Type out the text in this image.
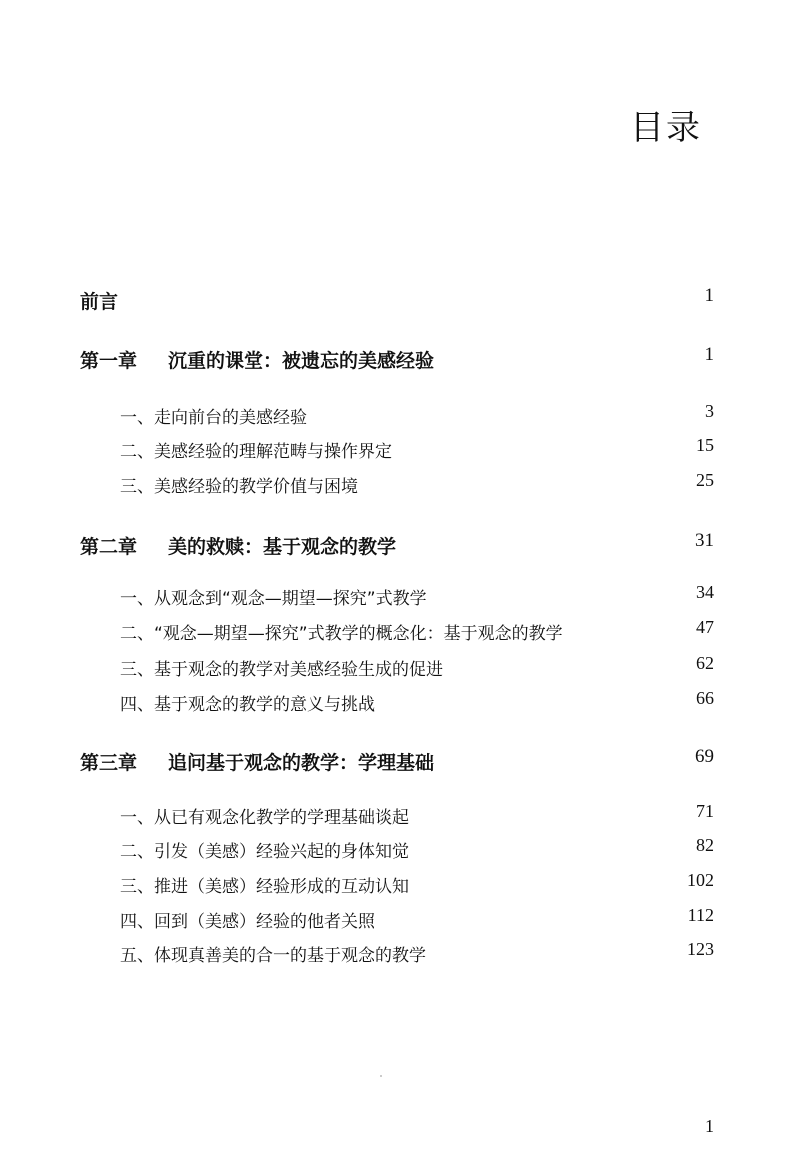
目录
前言	1
第一章 沉重的课堂：被遗忘的美感经验	1
一、走向前台的美感经验	3
二、美感经验的理解范畴与操作界定	15
三、美感经验的教学价值与困境	25
第二章 美的救赎：基于观念的教学	31
一、从观念到“观念—期望—探究”式教学	34
二、“观念—期望—探究”式教学的概念化：基于观念的教学	47
三、基于观念的教学对美感经验生成的促进	62
四、基于观念的教学的意义与挑战	66
第三章 追问基于观念的教学：学理基础	69
一、从已有观念化教学的学理基础谈起	71
二、引发（美感）经验兴起的身体知觉	82
三、推进（美感）经验形成的互动认知	102
四、回到（美感）经验的他者关照	112
五、体现真善美的合一的基于观念的教学	123
1
